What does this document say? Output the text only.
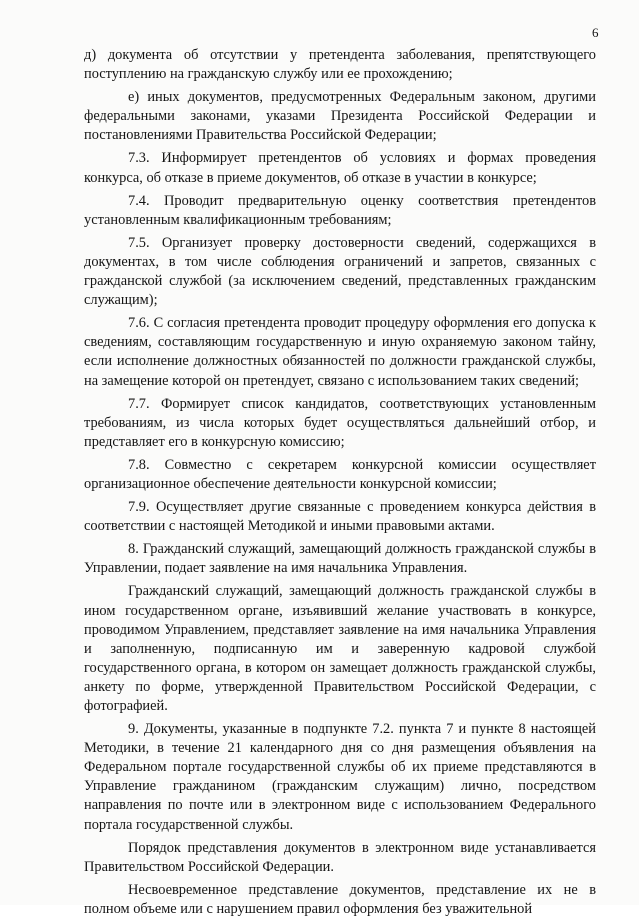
6

д) документа об отсутствии у претендента заболевания, препятствующего поступлению на гражданскую службу или ее прохождению;

е) иных документов, предусмотренных Федеральным законом, другими федеральными законами, указами Президента Российской Федерации и постановлениями Правительства Российской Федерации;

7.3. Информирует претендентов об условиях и формах проведения конкурса, об отказе в приеме документов, об отказе в участии в конкурсе;

7.4. Проводит предварительную оценку соответствия претендентов установленным квалификационным требованиям;

7.5. Организует проверку достоверности сведений, содержащихся в документах, в том числе соблюдения ограничений и запретов, связанных с гражданской службой (за исключением сведений, представленных гражданским служащим);

7.6. С согласия претендента проводит процедуру оформления его допуска к сведениям, составляющим государственную и иную охраняемую законом тайну, если исполнение должностных обязанностей по должности гражданской службы, на замещение которой он претендует, связано с использованием таких сведений;

7.7. Формирует список кандидатов, соответствующих установленным требованиям, из числа которых будет осуществляться дальнейший отбор, и представляет его в конкурсную комиссию;

7.8. Совместно с секретарем конкурсной комиссии осуществляет организационное обеспечение деятельности конкурсной комиссии;

7.9. Осуществляет другие связанные с проведением конкурса действия в соответствии с настоящей Методикой и иными правовыми актами.

8. Гражданский служащий, замещающий должность гражданской службы в Управлении, подает заявление на имя начальника Управления.

Гражданский служащий, замещающий должность гражданской службы в ином государственном органе, изъявивший желание участвовать в конкурсе, проводимом Управлением, представляет заявление на имя начальника Управления и заполненную, подписанную им и заверенную кадровой службой государственного органа, в котором он замещает должность гражданской службы, анкету по форме, утвержденной Правительством Российской Федерации, с фотографией.

9. Документы, указанные в подпункте 7.2. пункта 7 и пункте 8 настоящей Методики, в течение 21 календарного дня со дня размещения объявления на Федеральном портале государственной службы об их приеме представляются в Управление гражданином (гражданским служащим) лично, посредством направления по почте или в электронном виде с использованием Федерального портала государственной службы.

Порядок представления документов в электронном виде устанавливается Правительством Российской Федерации.

Несвоевременное представление документов, представление их не в полном объеме или с нарушением правил оформления без уважительной
